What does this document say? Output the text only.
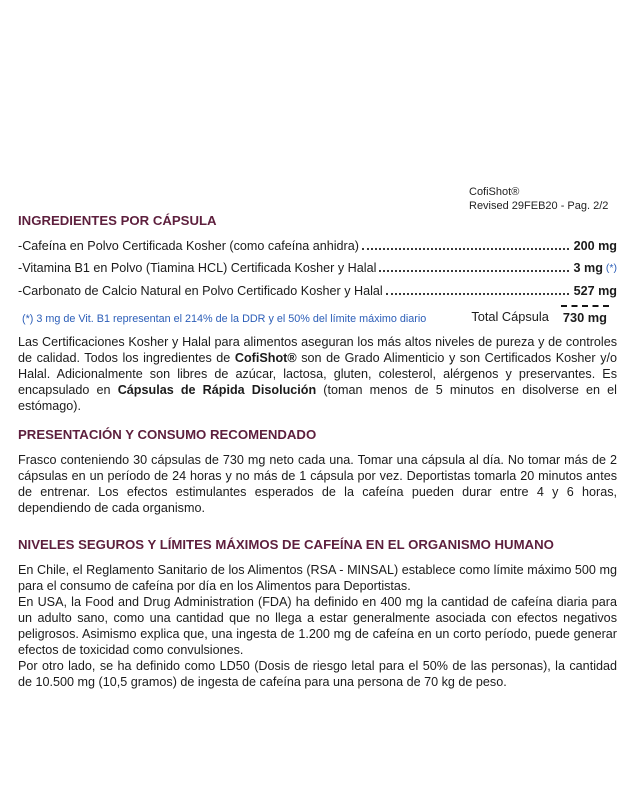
CofiShot®
Revised 29FEB20 - Pag. 2/2
INGREDIENTES POR CÁPSULA
-Cafeína en Polvo Certificada Kosher (como cafeína anhidra)	200 mg
-Vitamina B1 en Polvo (Tiamina HCL) Certificada Kosher y Halal	3 mg (*)
-Carbonato de Calcio Natural en Polvo Certificado Kosher y Halal	527 mg
(*) 3 mg de Vit. B1 representan el 214% de la DDR y el 50% del límite máximo diario	Total Cápsula 730 mg

Las Certificaciones Kosher y Halal para alimentos aseguran los más altos niveles de pureza y de controles de calidad. Todos los ingredientes de CofiShot® son de Grado Alimenticio y son Certificados Kosher y/o Halal. Adicionalmente son libres de azúcar, lactosa, gluten, colesterol, alérgenos y preservantes. Es encapsulado en Cápsulas de Rápida Disolución (toman menos de 5 minutos en disolverse en el estómago).

PRESENTACIÓN Y CONSUMO RECOMENDADO

Frasco conteniendo 30 cápsulas de 730 mg neto cada una. Tomar una cápsula al día. No tomar más de 2 cápsulas en un período de 24 horas y no más de 1 cápsula por vez. Deportistas tomarla 20 minutos antes de entrenar. Los efectos estimulantes esperados de la cafeína pueden durar entre 4 y 6 horas, dependiendo de cada organismo.

NIVELES SEGUROS Y LÍMITES MÁXIMOS DE CAFEÍNA EN EL ORGANISMO HUMANO

En Chile, el Reglamento Sanitario de los Alimentos (RSA - MINSAL) establece como límite máximo 500 mg para el consumo de cafeína por día en los Alimentos para Deportistas.

En USA, la Food and Drug Administration (FDA) ha definido en 400 mg la cantidad de cafeína diaria para un adulto sano, como una cantidad que no llega a estar generalmente asociada con efectos negativos peligrosos. Asimismo explica que, una ingesta de 1.200 mg de cafeína en un corto período, puede generar efectos de toxicidad como convulsiones.

Por otro lado, se ha definido como LD50 (Dosis de riesgo letal para el 50% de las personas), la cantidad de 10.500 mg (10,5 gramos) de ingesta de cafeína para una persona de 70 kg de peso.
